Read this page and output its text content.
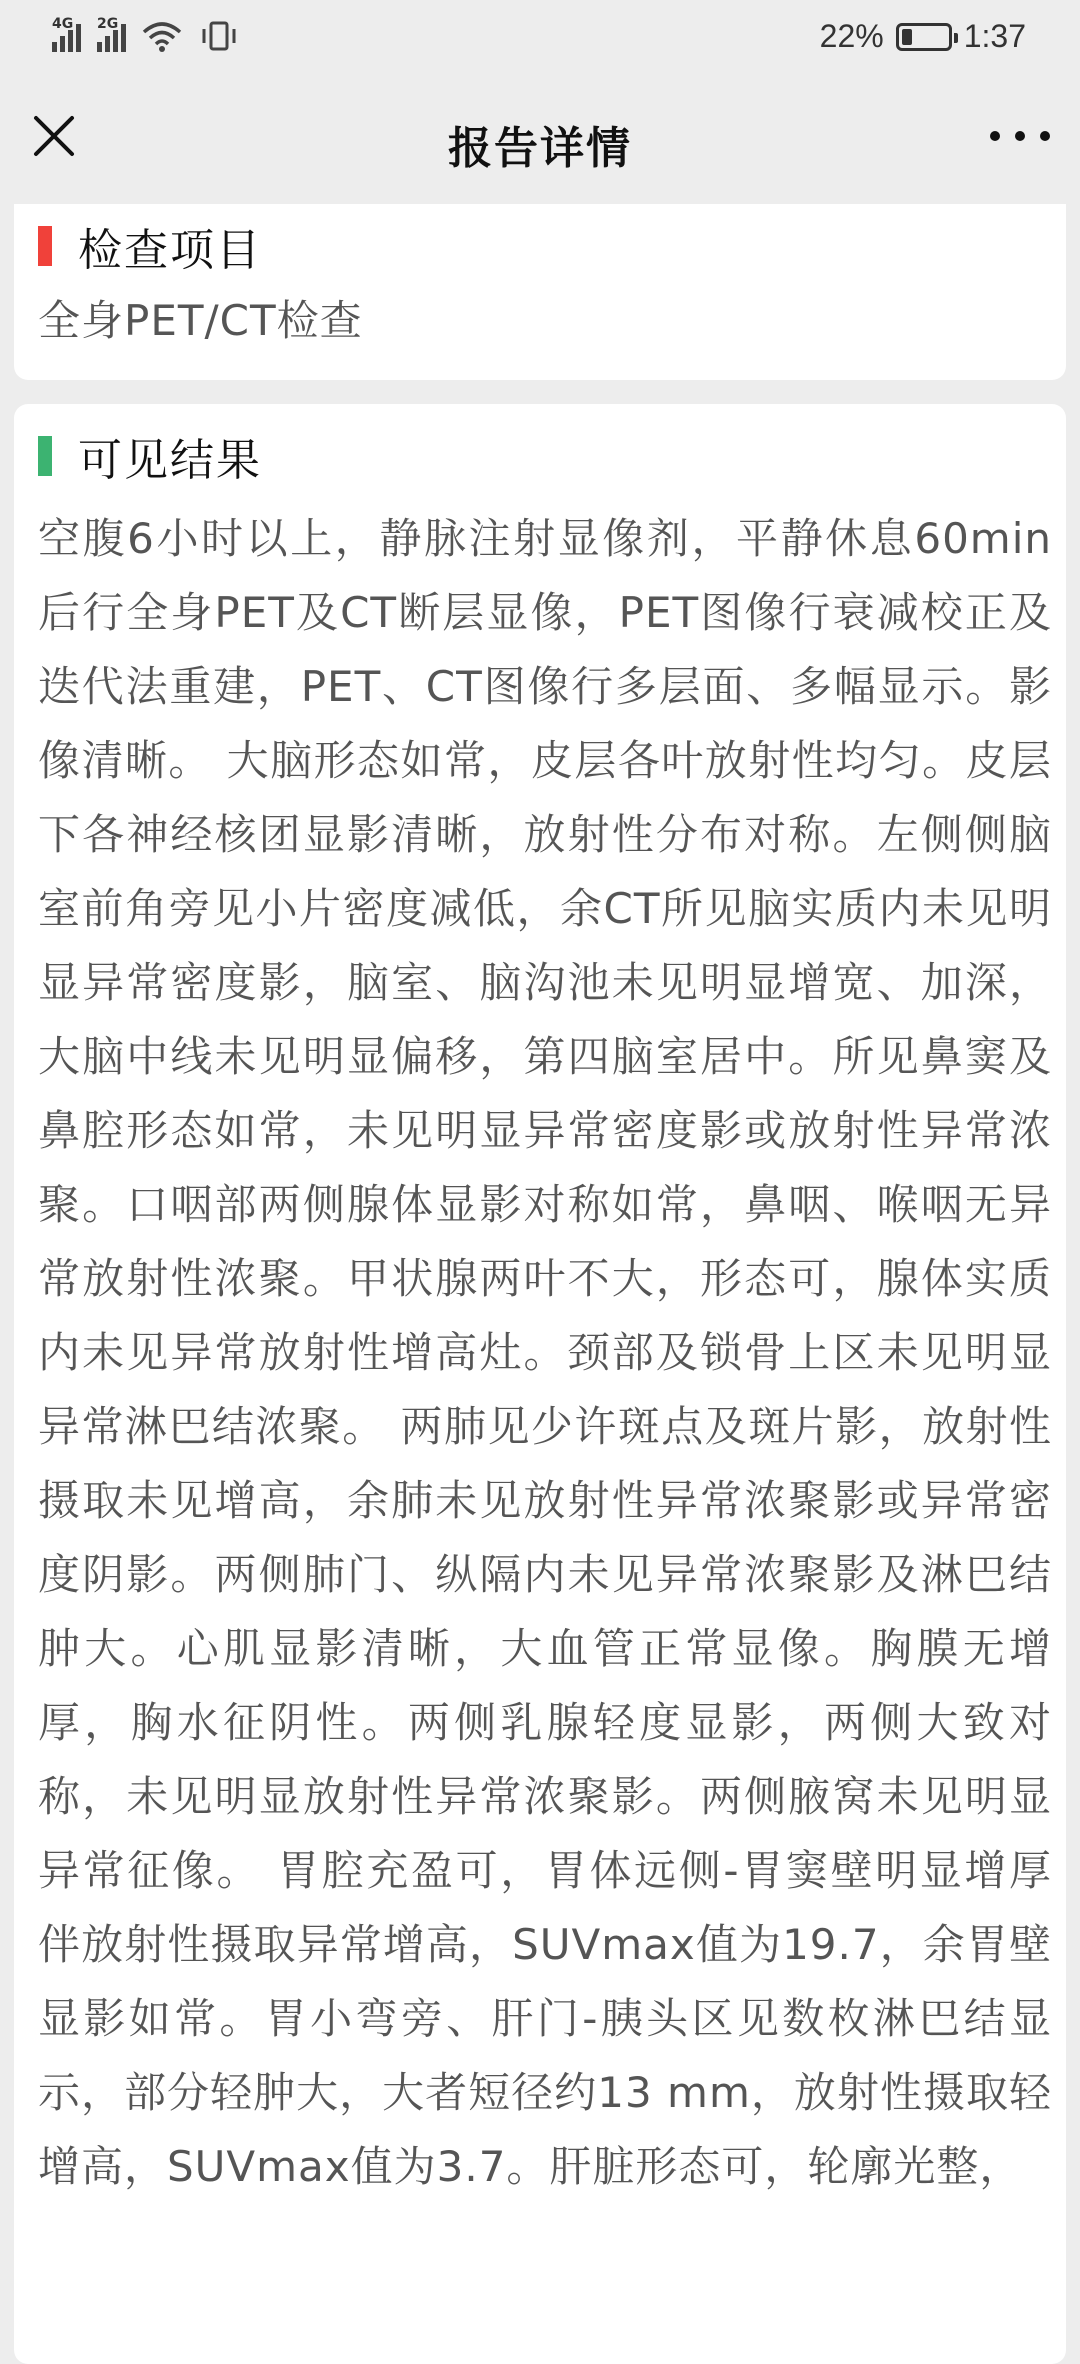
4G 2G	22%	1:37
报告详情
检查项目
全身PET/CT检查
可见结果
空腹6小时以上，静脉注射显像剂，平静休息60min后行全身PET及CT断层显像，PET图像行衰减校正及迭代法重建，PET、CT图像行多层面、多幅显示。影像清晰。 大脑形态如常，皮层各叶放射性均匀。皮层下各神经核团显影清晰，放射性分布对称。左侧侧脑室前角旁见小片密度减低，余CT所见脑实质内未见明显异常密度影，脑室、脑沟池未见明显增宽、加深，大脑中线未见明显偏移，第四脑室居中。所见鼻窦及鼻腔形态如常，未见明显异常密度影或放射性异常浓聚。口咽部两侧腺体显影对称如常，鼻咽、喉咽无异常放射性浓聚。甲状腺两叶不大，形态可，腺体实质内未见异常放射性增高灶。颈部及锁骨上区未见明显异常淋巴结浓聚。 两肺见少许斑点及斑片影，放射性摄取未见增高，余肺未见放射性异常浓聚影或异常密度阴影。两侧肺门、纵隔内未见异常浓聚影及淋巴结肿大。心肌显影清晰，大血管正常显像。胸膜无增厚，胸水征阴性。两侧乳腺轻度显影，两侧大致对称，未见明显放射性异常浓聚影。两侧腋窝未见明显异常征像。 胃腔充盈可，胃体远侧-胃窦壁明显增厚伴放射性摄取异常增高，SUVmax值为19.7，余胃壁显影如常。胃小弯旁、肝门-胰头区见数枚淋巴结显示，部分轻肿大，大者短径约13 mm，放射性摄取轻增高，SUVmax值为3.7。肝脏形态可，轮廓光整，
